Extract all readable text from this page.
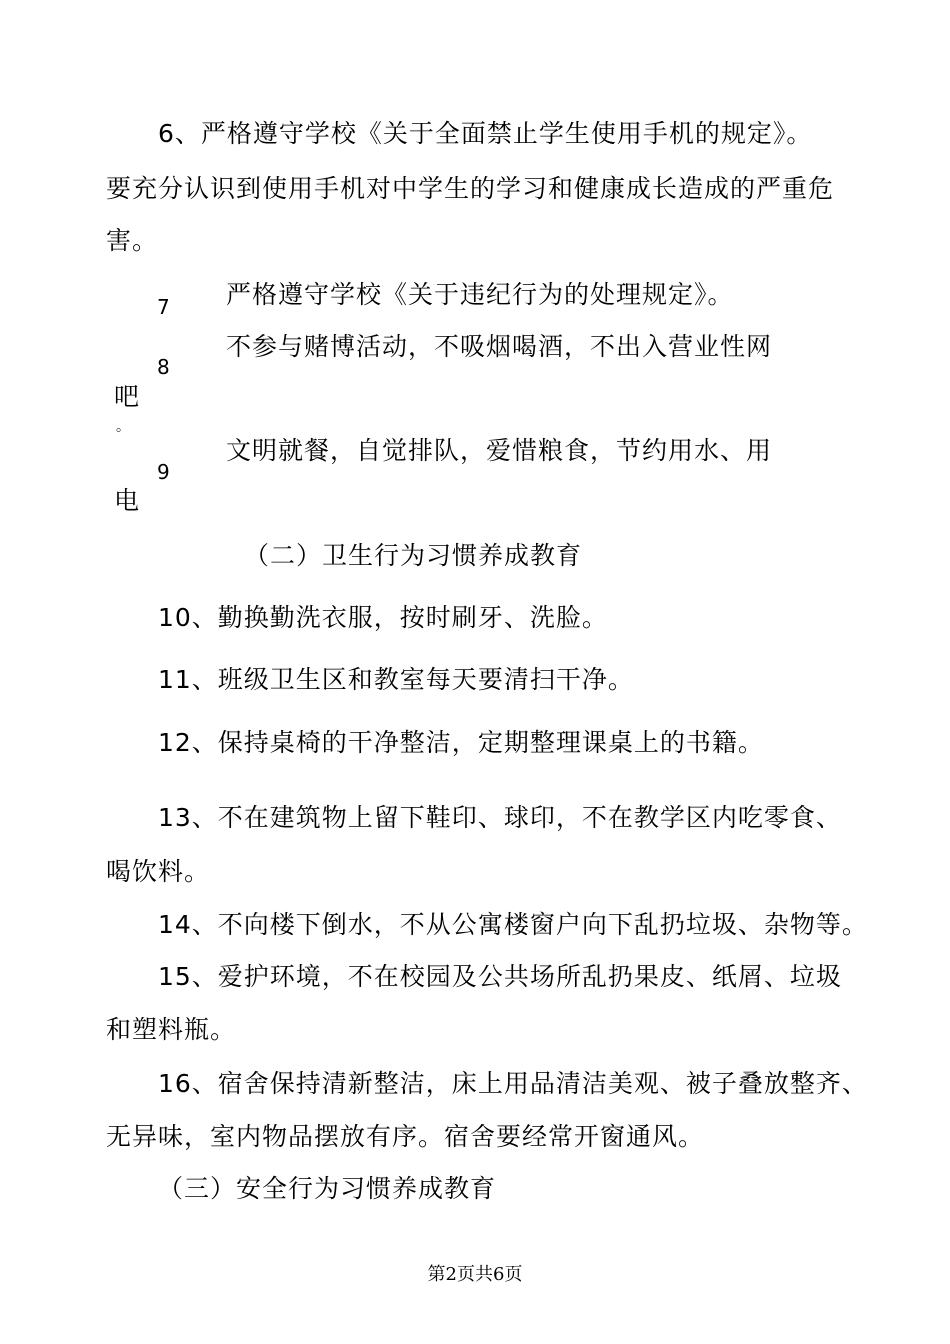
6、严格遵守学校《关于全面禁止学生使用手机的规定》。
要充分认识到使用手机对中学生的学习和健康成长造成的严重危
害。
7 严格遵守学校《关于违纪行为的处理规定》。
8
不参与赌博活动，不吸烟喝酒，不出入营业性网
吧
。
9
文明就餐，自觉排队，爱惜粮食，节约用水、用
电
（二）卫生行为习惯养成教育
10、勤换勤洗衣服，按时刷牙、洗脸。
11、班级卫生区和教室每天要清扫干净。
12、保持桌椅的干净整洁，定期整理课桌上的书籍。
13、不在建筑物上留下鞋印、球印，不在教学区内吃零食、
喝饮料。
14、不向楼下倒水，不从公寓楼窗户向下乱扔垃圾、杂物等。
15、爱护环境，不在校园及公共场所乱扔果皮、纸屑、垃圾
和塑料瓶。
16、宿舍保持清新整洁，床上用品清洁美观、被子叠放整齐、
无异味，室内物品摆放有序。宿舍要经常开窗通风。
（三）安全行为习惯养成教育
第2页共6页
